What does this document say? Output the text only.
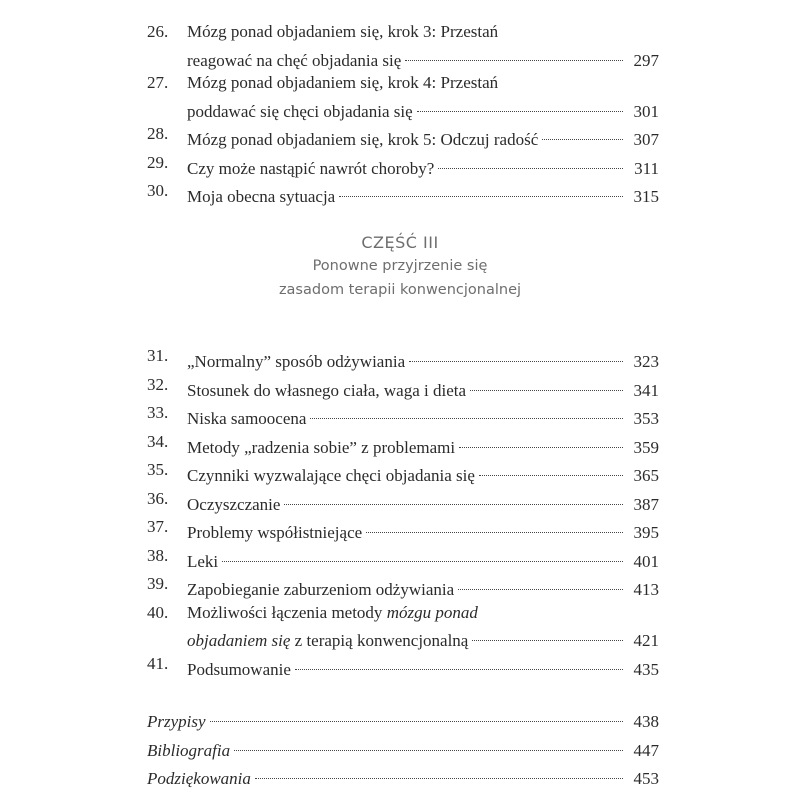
26.	Mózg ponad objadaniem się, krok 3: Przestań
reagować na chęć objadania się	297
27.	Mózg ponad objadaniem się, krok 4: Przestań
poddawać się chęci objadania się	301
28.	Mózg ponad objadaniem się, krok 5: Odczuj radość	307
29.	Czy może nastąpić nawrót choroby?	311
30.	Moja obecna sytuacja	315
CZĘŚĆ III
Ponowne przyjrzenie się
zasadom terapii konwencjonalnej
31.	„Normalny” sposób odżywiania	323
32.	Stosunek do własnego ciała, waga i dieta	341
33.	Niska samoocena	353
34.	Metody „radzenia sobie” z problemami	359
35.	Czynniki wyzwalające chęci objadania się	365
36.	Oczyszczanie	387
37.	Problemy współistniejące	395
38.	Leki	401
39.	Zapobieganie zaburzeniom odżywiania	413
40.	Możliwości łączenia metody mózgu ponad
objadaniem się z terapią konwencjonalną	421
41.	Podsumowanie	435
Przypisy	438
Bibliografia	447
Podziękowania	453
